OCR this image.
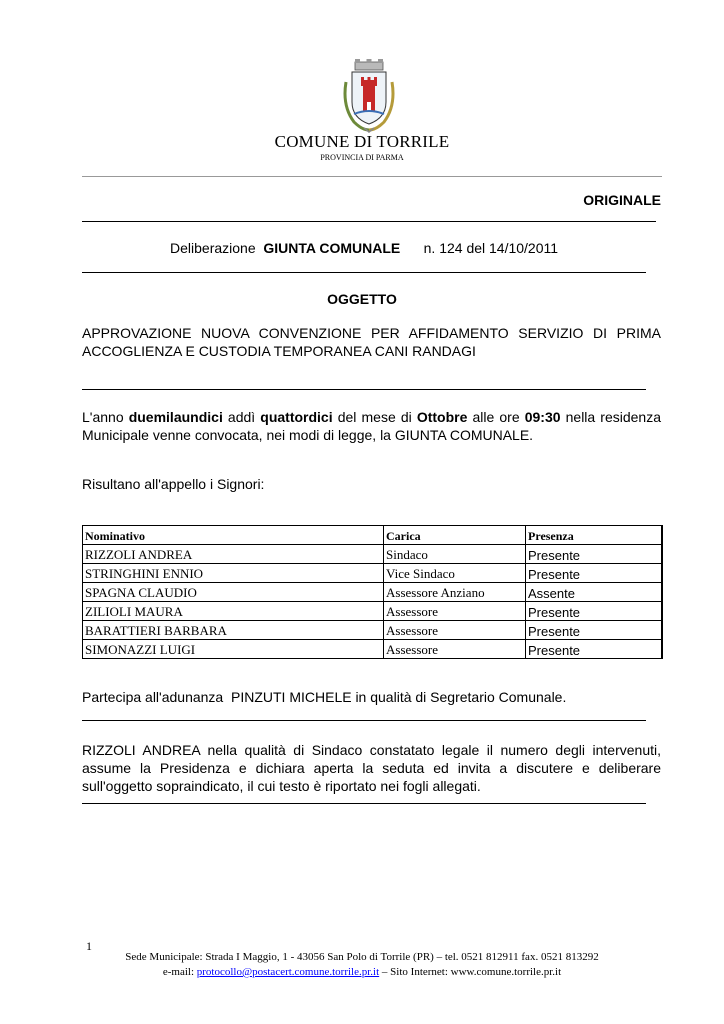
COMUNE DI TORRILE
PROVINCIA DI PARMA
ORIGINALE
Deliberazione GIUNTA COMUNALE n. 124 del 14/10/2011
OGGETTO
APPROVAZIONE NUOVA CONVENZIONE PER AFFIDAMENTO SERVIZIO DI PRIMA ACCOGLIENZA E CUSTODIA TEMPORANEA CANI RANDAGI
L'anno duemilaundici addì quattordici del mese di Ottobre alle ore 09:30 nella residenza Municipale venne convocata, nei modi di legge, la GIUNTA COMUNALE.
Risultano all'appello i Signori:
Nominativo	Carica	Presenza
RIZZOLI ANDREA	Sindaco	Presente
STRINGHINI ENNIO	Vice Sindaco	Presente
SPAGNA CLAUDIO	Assessore Anziano	Assente
ZILIOLI MAURA	Assessore	Presente
BARATTIERI BARBARA	Assessore	Presente
SIMONAZZI LUIGI	Assessore	Presente
Partecipa all'adunanza  PINZUTI MICHELE in qualità di Segretario Comunale.
RIZZOLI ANDREA nella qualità di Sindaco constatato legale il numero degli intervenuti, assume la Presidenza e dichiara aperta la seduta ed invita a discutere e deliberare sull'oggetto sopraindicato, il cui testo è riportato nei fogli allegati.
1
Sede Municipale: Strada I Maggio, 1 - 43056 San Polo di Torrile (PR) – tel. 0521 812911 fax. 0521 813292
e-mail: protocollo@postacert.comune.torrile.pr.it – Sito Internet: www.comune.torrile.pr.it
